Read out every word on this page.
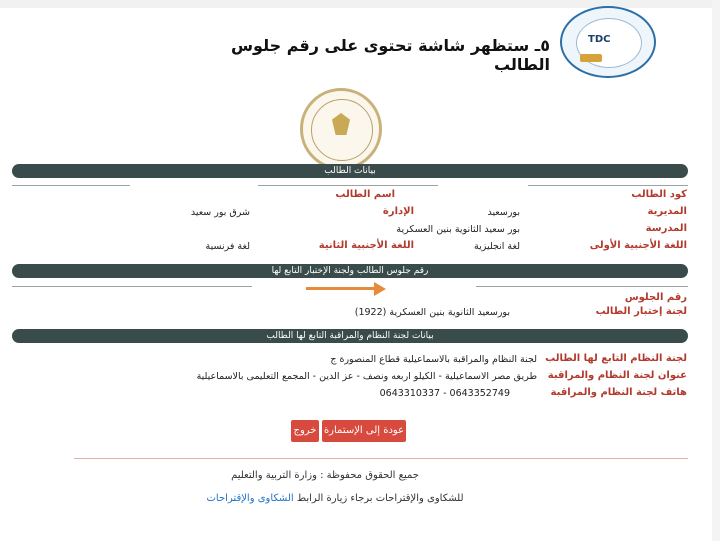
TDC
٥ـ ستظهر شاشة تحتوى على رقم جلوس الطالب
بيانات الطالب
كود الطالب
اسم الطالب
المديرية
بورسعيد
الإدارة
شرق بور سعيد
المدرسة
بور سعيد الثانوية بنين العسكرية
اللغة الأجنبية الأولى
لغة انجليزية
اللغة الأجنبية الثانية
لغة فرنسية
رقم جلوس الطالب ولجنة الإختبار التابع لها
رقم الجلوس
لجنة إختبار الطالب
بورسعيد الثانوية بنين العسكرية (1922)
بيانات لجنة النظام والمراقبة التابع لها الطالب
لجنة النظام التابع لها الطالب
لجنة النظام والمراقبة بالاسماعيلية قطاع المنصورة ج
عنوان لجنة النظام والمراقبة
طريق مصر الاسماعيلية - الكيلو اربعه ونصف - عز الدين - المجمع التعليمى بالاسماعيلية
هاتف لجنة النظام والمراقبة
0643352749 - 0643310337
عودة إلى الإستمارة
خروج
جميع الحقوق محفوظة : وزارة التربية والتعليم
للشكاوى والإقتراحات برجاء زيارة الرابط الشكاوى والإقتراحات
